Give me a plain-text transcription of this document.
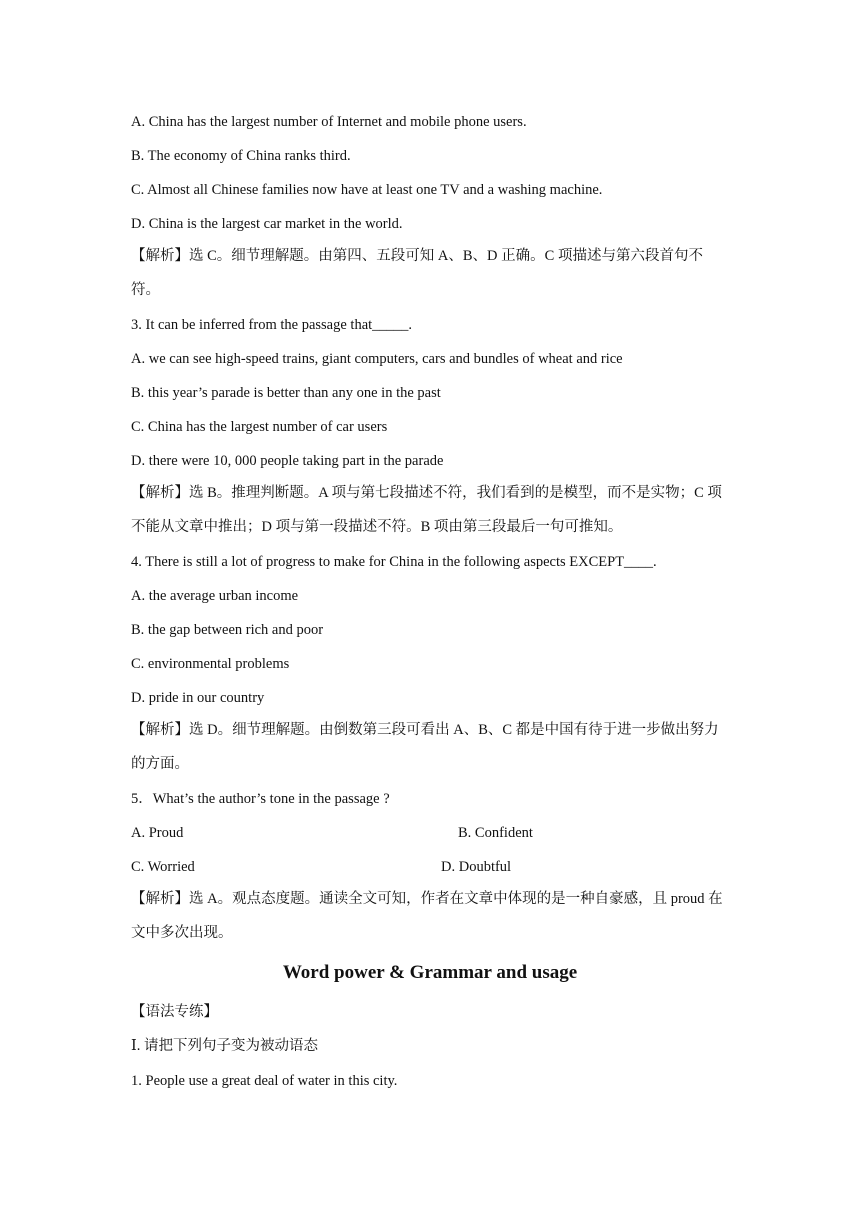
A. China has the largest number of Internet and mobile phone users.
B. The economy of China ranks third.
C. Almost all Chinese families now have at least one TV and a washing machine.
D. China is the largest car market in the world.
【解析】选 C。细节理解题。由第四、五段可知 A、B、D 正确。C 项描述与第六段首句不符。
3. It can be inferred from the passage that_____.
A. we can see high-speed trains, giant computers, cars and bundles of wheat and rice
B. this year’s parade is better than any one in the past
C. China has the largest number of car users
D. there were 10, 000 people taking part in the parade
【解析】选 B。推理判断题。A 项与第七段描述不符，我们看到的是模型，而不是实物；C 项不能从文章中推出；D 项与第一段描述不符。B 项由第三段最后一句可推知。
4. There is still a lot of progress to make for China in the following aspects EXCEPT____.
A. the average urban income
B. the gap between rich and poor
C. environmental problems
D. pride in our country
【解析】选 D。细节理解题。由倒数第三段可看出 A、B、C 都是中国有待于进一步做出努力的方面。
5．What’s the author’s tone in the passage ?
A. Proud	B. Confident
C. Worried	D. Doubtful
【解析】选 A。观点态度题。通读全文可知，作者在文章中体现的是一种自豪感，且 proud 在文中多次出现。
Word power & Grammar and usage
【语法专练】
Ⅰ. 请把下列句子变为被动语态
1. People use a great deal of water in this city.
